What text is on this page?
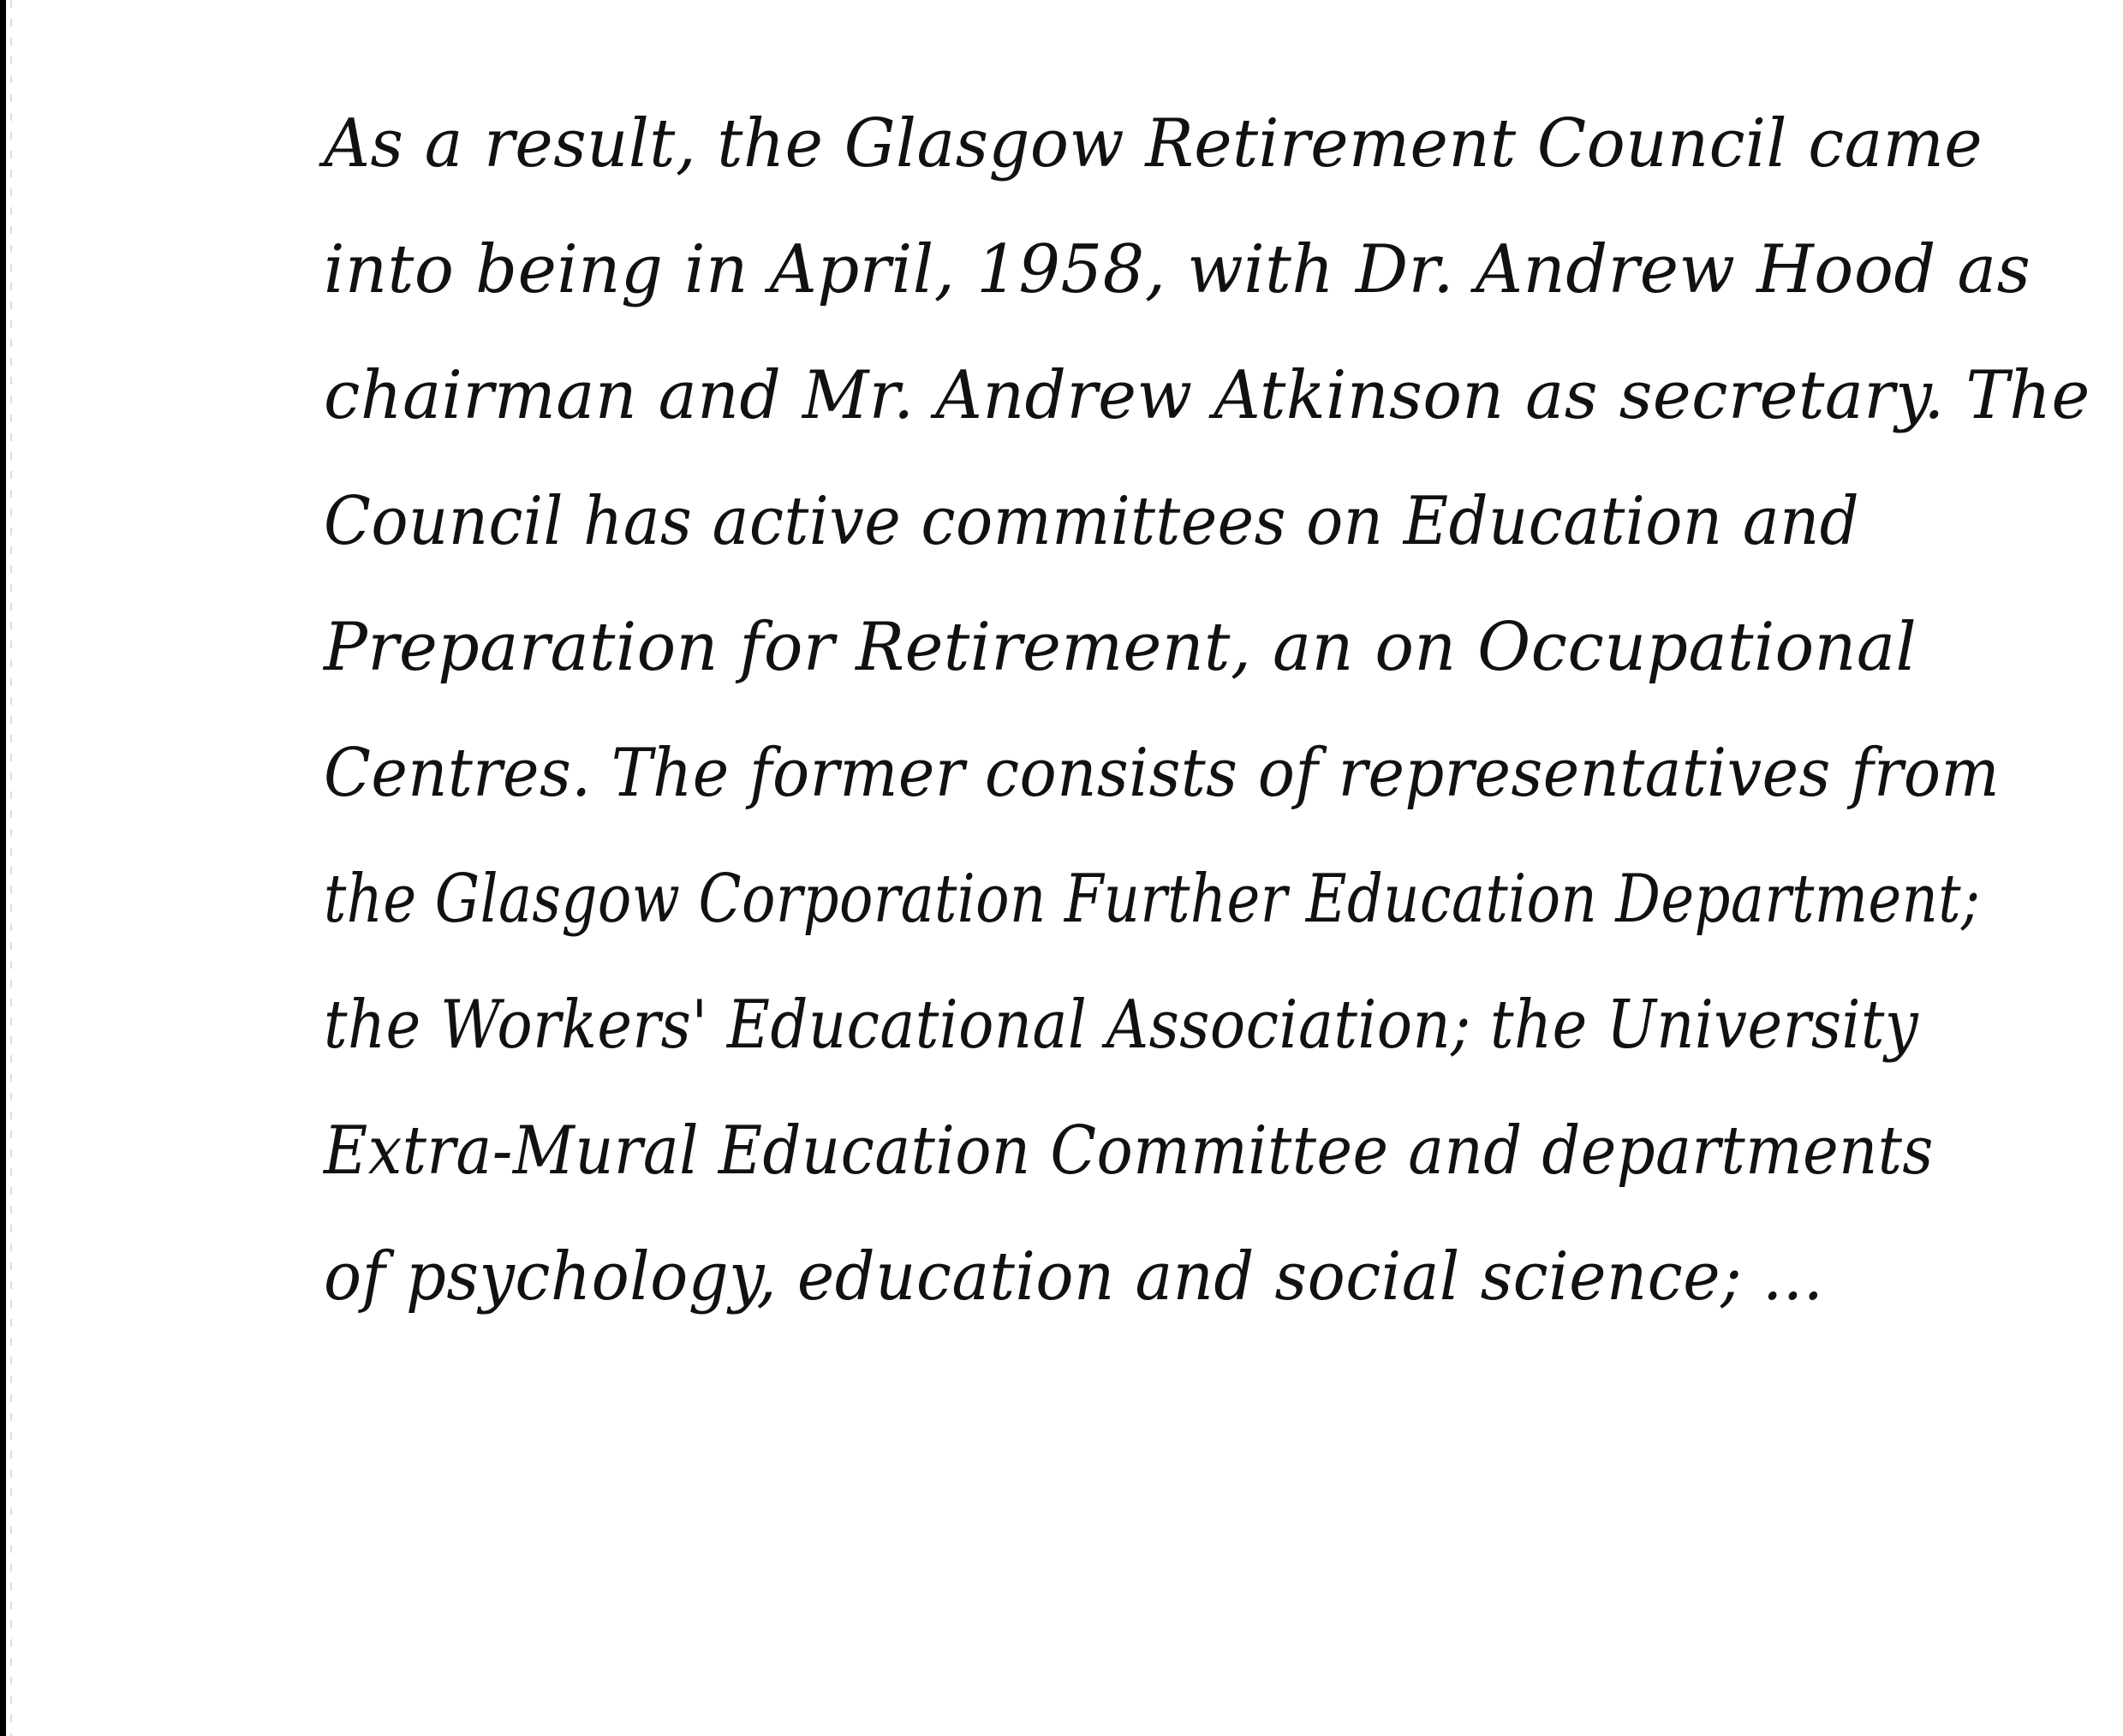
As a result, the Glasgow Retirement Council came
into being in April, 1958, with Dr. Andrew Hood as
chairman and Mr. Andrew Atkinson as secretary. The
Council has active committees on Education and
Preparation for Retirement, an on Occupational
Centres. The former consists of representatives from
the Glasgow Corporation Further Education Department;
the Workers' Educational Association; the University
Extra-Mural Education Committee and departments
of psychology, education and social science; ...
